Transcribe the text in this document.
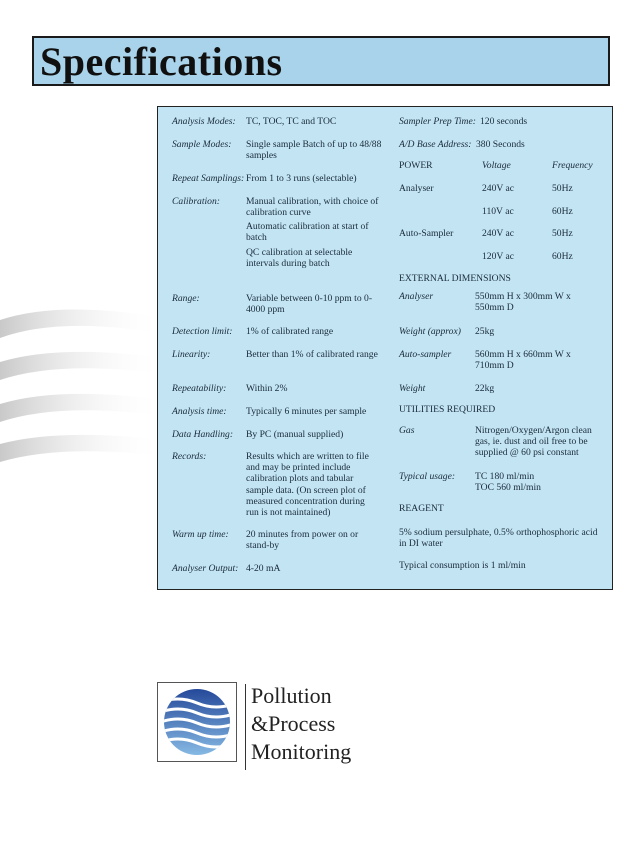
Specifications
Analysis Modes: TC, TOC, TC and TOC
Sample Modes: Single sample Batch of up to 48/88 samples
Repeat Samplings: From 1 to 3 runs (selectable)
Calibration:	Manual calibration, with choice of calibration curve
Automatic calibration at start of batch
QC calibration at selectable intervals during batch
Range:	Variable between 0-10 ppm to 0-4000 ppm
Detection limit: 1% of calibrated range
Linearity:	Better than 1% of calibrated range
Repeatability: Within 2%
Analysis time: Typically 6 minutes per sample
Data Handling: By PC (manual supplied)
Records:	Results which are written to file and may be printed include calibration plots and tabular sample data. (On screen plot of measured concentration during run is not maintained)
Warm up time: 20 minutes from power on or stand-by
Analyser Output: 4-20 mA
Sampler Prep Time: 120 seconds
A/D Base Address: 380 Seconds
POWER	Voltage	Frequency
Analyser	240V ac	50Hz
110V ac	60Hz
Auto-Sampler	240V ac	50Hz
120V ac	60Hz
EXTERNAL DIMENSIONS
Analyser	550mm H x 300mm W x 550mm D
Weight (approx) 25kg
Auto-sampler 560mm H x 660mm W x 710mm D
Weight	22kg
UTILITIES REQUIRED
Gas	Nitrogen/Oxygen/Argon clean gas, ie. dust and oil free to be supplied @ 60 psi constant
Typical usage: TC 180 ml/min
TOC 560 ml/min
REAGENT
5% sodium persulphate, 0.5% orthophosphoric acid in DI water
Typical consumption is 1 ml/min
Pollution
&Process
Monitoring
